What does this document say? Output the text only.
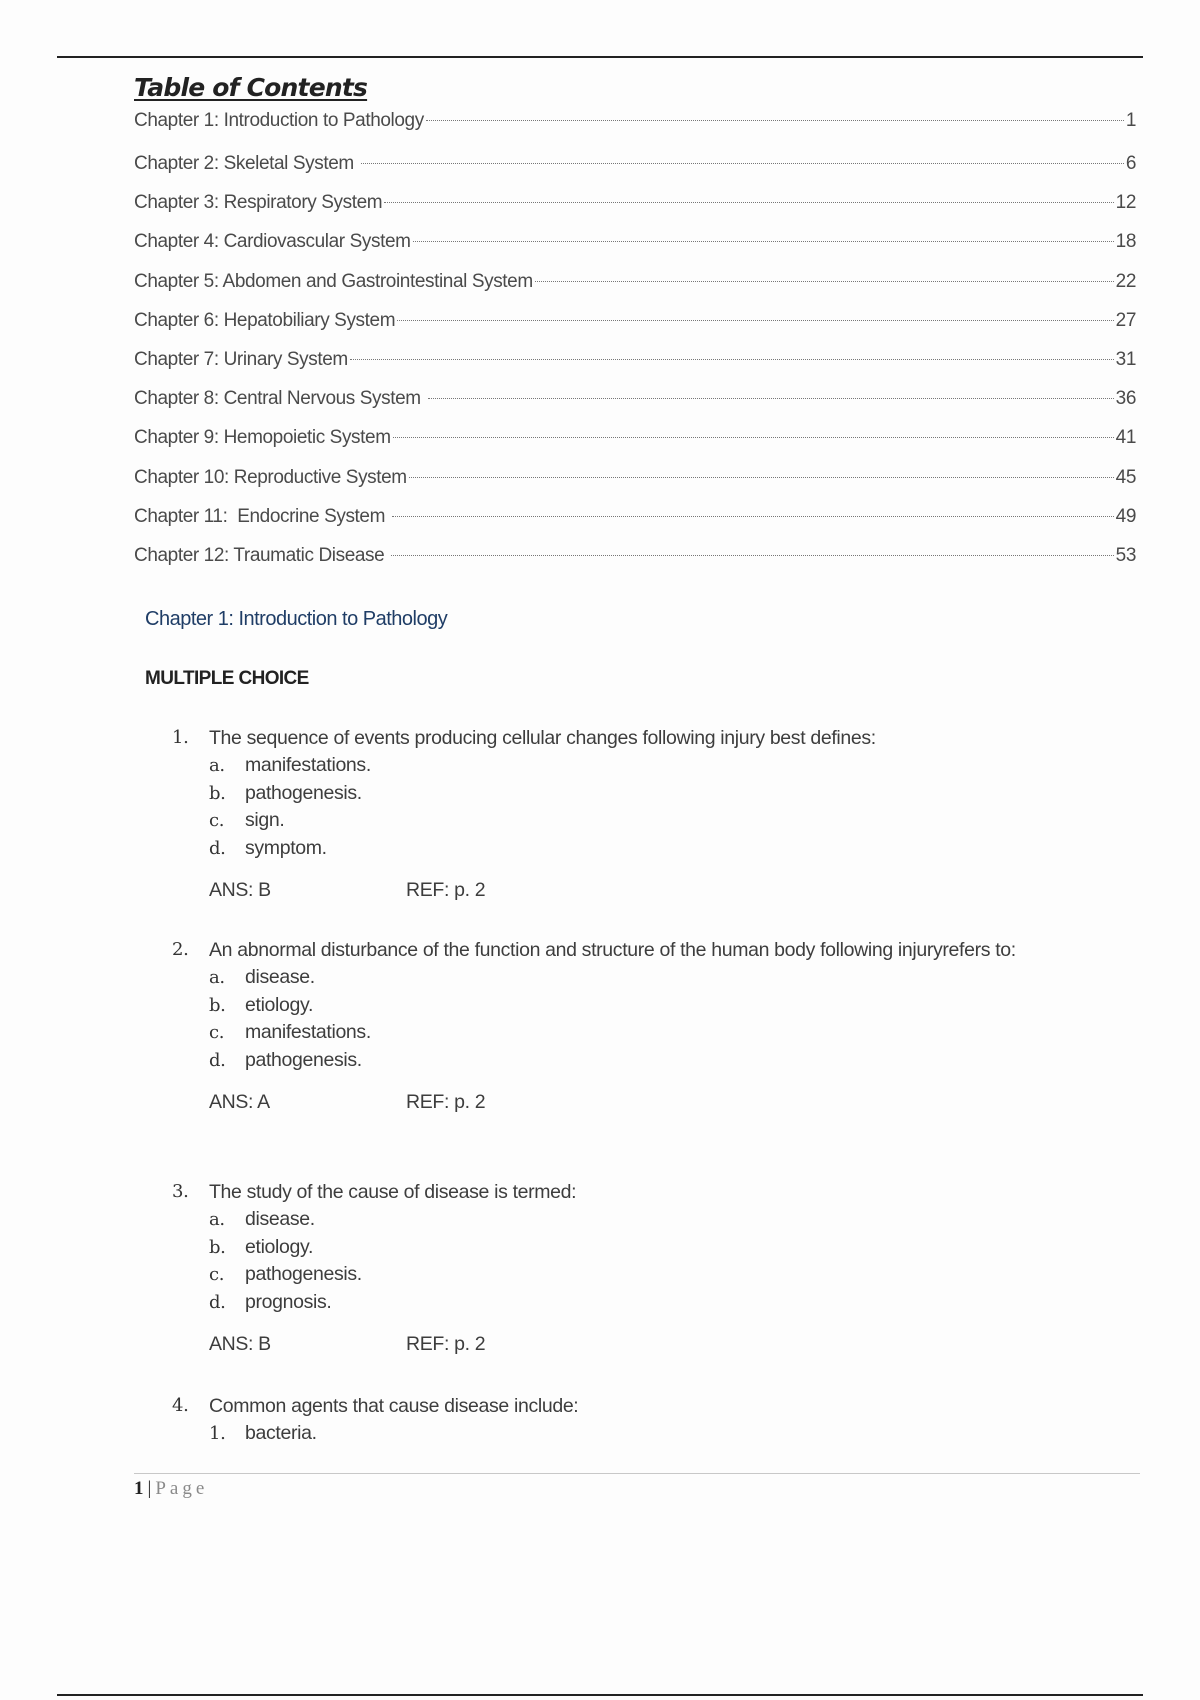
Table of Contents
Chapter 1: Introduction to Pathology	1
Chapter 2: Skeletal System	6
Chapter 3: Respiratory System	12
Chapter 4: Cardiovascular System	18
Chapter 5: Abdomen and Gastrointestinal System	22
Chapter 6: Hepatobiliary System	27
Chapter 7: Urinary System	31
Chapter 8: Central Nervous System	36
Chapter 9: Hemopoietic System	41
Chapter 10: Reproductive System	45
Chapter 11:  Endocrine System	49
Chapter 12: Traumatic Disease	53
Chapter 1: Introduction to Pathology
MULTIPLE CHOICE
1.	The sequence of events producing cellular changes following injury best defines:
a.	manifestations.
b. pathogenesis.
c.	sign.
d. symptom.
ANS: B	REF: p. 2
2.	An abnormal disturbance of the function and structure of the human body following injuryrefers to:
a.	disease.
b. etiology.
c.	manifestations.
d. pathogenesis.
ANS: A	REF: p. 2
3.	The study of the cause of disease is termed:
a.	disease.
b. etiology.
c.	pathogenesis.
d. prognosis.
ANS: B	REF: p. 2
4.	Common agents that cause disease include:
1.	bacteria.
1 | Page
